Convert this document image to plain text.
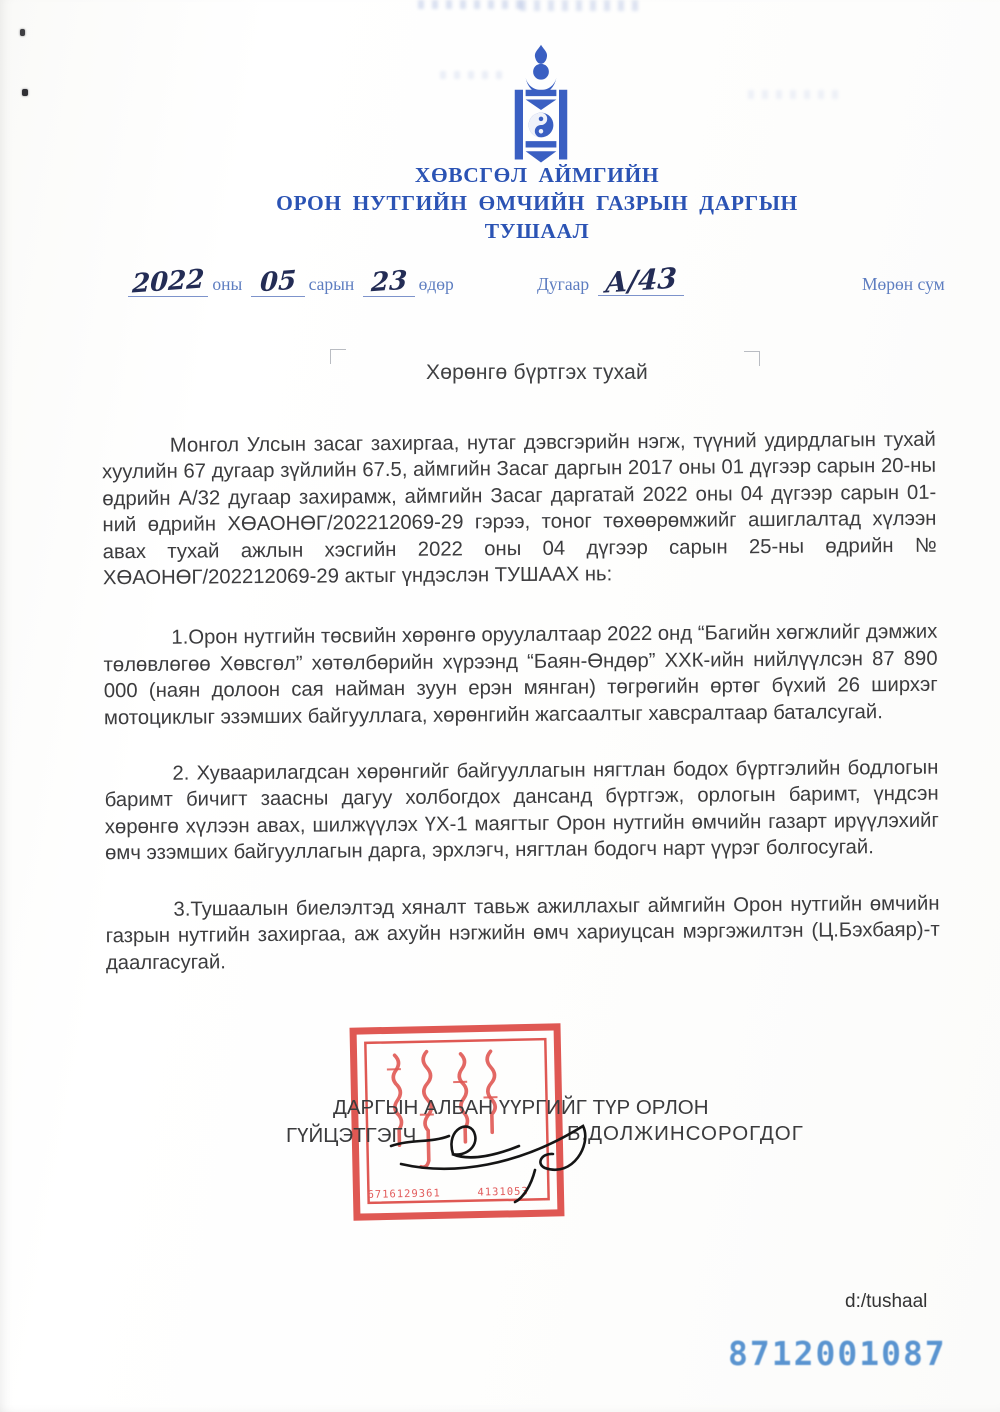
ХӨВСГӨЛ АЙМГИЙН
ОРОН НУТГИЙН ӨМЧИЙН ГАЗРЫН ДАРГЫН
ТУШААЛ
2022 оны 05 сарын 23 өдөр	Дугаар А/43	Мөрөн сум
Хөрөнгө бүртгэх тухай

Монгол Улсын засаг захиргаа, нутаг дэвсгэрийн нэгж, түүний удирдлагын тухай хуулийн 67 дугаар зүйлийн 67.5, аймгийн Засаг даргын 2017 оны 01 дүгээр сарын 20-ны өдрийн А/32 дугаар захирамж, аймгийн Засаг даргатай 2022 оны 04 дүгээр сарын 01-ний өдрийн ХӨАОНӨГ/202212069-29 гэрээ, тоног төхөөрөмжийг ашиглалтад хүлээн авах тухай ажлын хэсгийн 2022 оны 04 дүгээр сарын 25-ны өдрийн № ХӨАОНӨГ/202212069-29 актыг үндэслэн ТУШААХ нь:

1.Орон нутгийн төсвийн хөрөнгө оруулалтаар 2022 онд “Багийн хөгжлийг дэмжих төлөвлөгөө Хөвсгөл” хөтөлбөрийн хүрээнд “Баян-Өндөр” ХХК-ийн нийлүүлсэн 87 890 000 (наян долоон сая найман зуун ерэн мянган) төгрөгийн өртөг бүхий 26 ширхэг мотоциклыг эзэмших байгууллага, хөрөнгийн жагсаалтыг хавсралтаар баталсугай.

2. Хуваарилагдсан хөрөнгийг байгууллагын нягтлан бодох бүртгэлийн бодлогын баримт бичигт заасны дагуу холбогдох дансанд бүртгэж, орлогын баримт, үндсэн хөрөнгө хүлээн авах, шилжүүлэх ҮХ-1 маягтыг Орон нутгийн өмчийн газарт ирүүлэхийг өмч эзэмших байгууллагын дарга, эрхлэгч, нягтлан бодогч нарт үүрэг болгосугай.

3.Тушаалын биелэлтэд хяналт тавьж ажиллахыг аймгийн Орон нутгийн өмчийн газрын нутгийн захиргаа, аж ахуйн нэгжийн өмч хариуцсан мэргэжилтэн (Ц.Бэхбаяр)-т даалгасугай.

6716129361	4131053
ДАРГЫН АЛБАН ҮҮРГИЙГ ТҮР ОРЛОН
ГҮЙЦЭТГЭГЧ	Б.ДОЛЖИНСОРОГДОГ
d:/tushaal
8712001087
